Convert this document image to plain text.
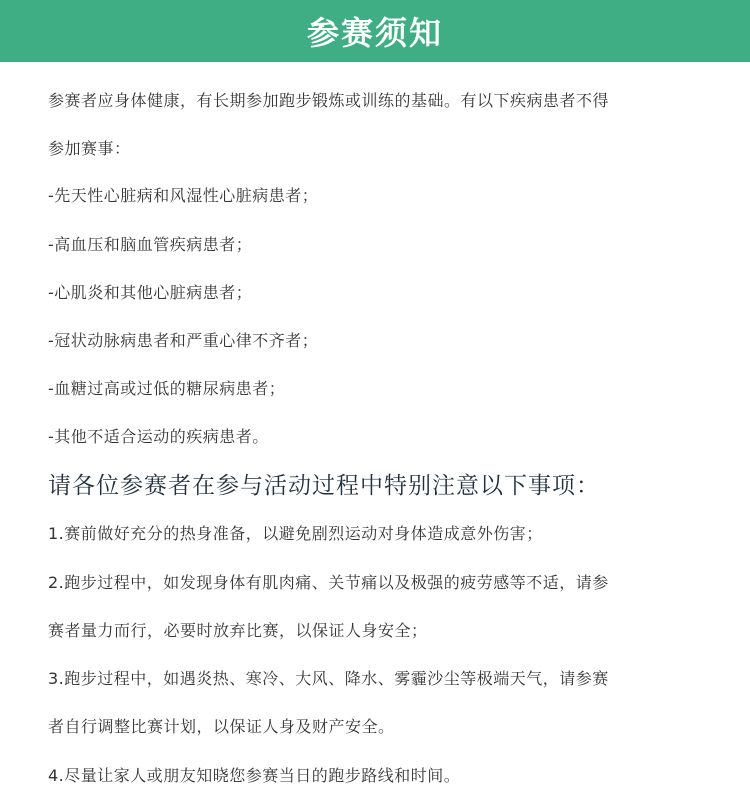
参赛须知
参赛者应身体健康，有长期参加跑步锻炼或训练的基础。有以下疾病患者不得
参加赛事：
-先天性心脏病和风湿性心脏病患者；
-高血压和脑血管疾病患者；
-心肌炎和其他心脏病患者；
-冠状动脉病患者和严重心律不齐者；
-血糖过高或过低的糖尿病患者；
-其他不适合运动的疾病患者。
请各位参赛者在参与活动过程中特别注意以下事项：
1.赛前做好充分的热身准备，以避免剧烈运动对身体造成意外伤害；
2.跑步过程中，如发现身体有肌肉痛、关节痛以及极强的疲劳感等不适，请参
赛者量力而行，必要时放弃比赛，以保证人身安全；
3.跑步过程中，如遇炎热、寒冷、大风、降水、雾霾沙尘等极端天气，请参赛
者自行调整比赛计划，以保证人身及财产安全。
4.尽量让家人或朋友知晓您参赛当日的跑步路线和时间。
